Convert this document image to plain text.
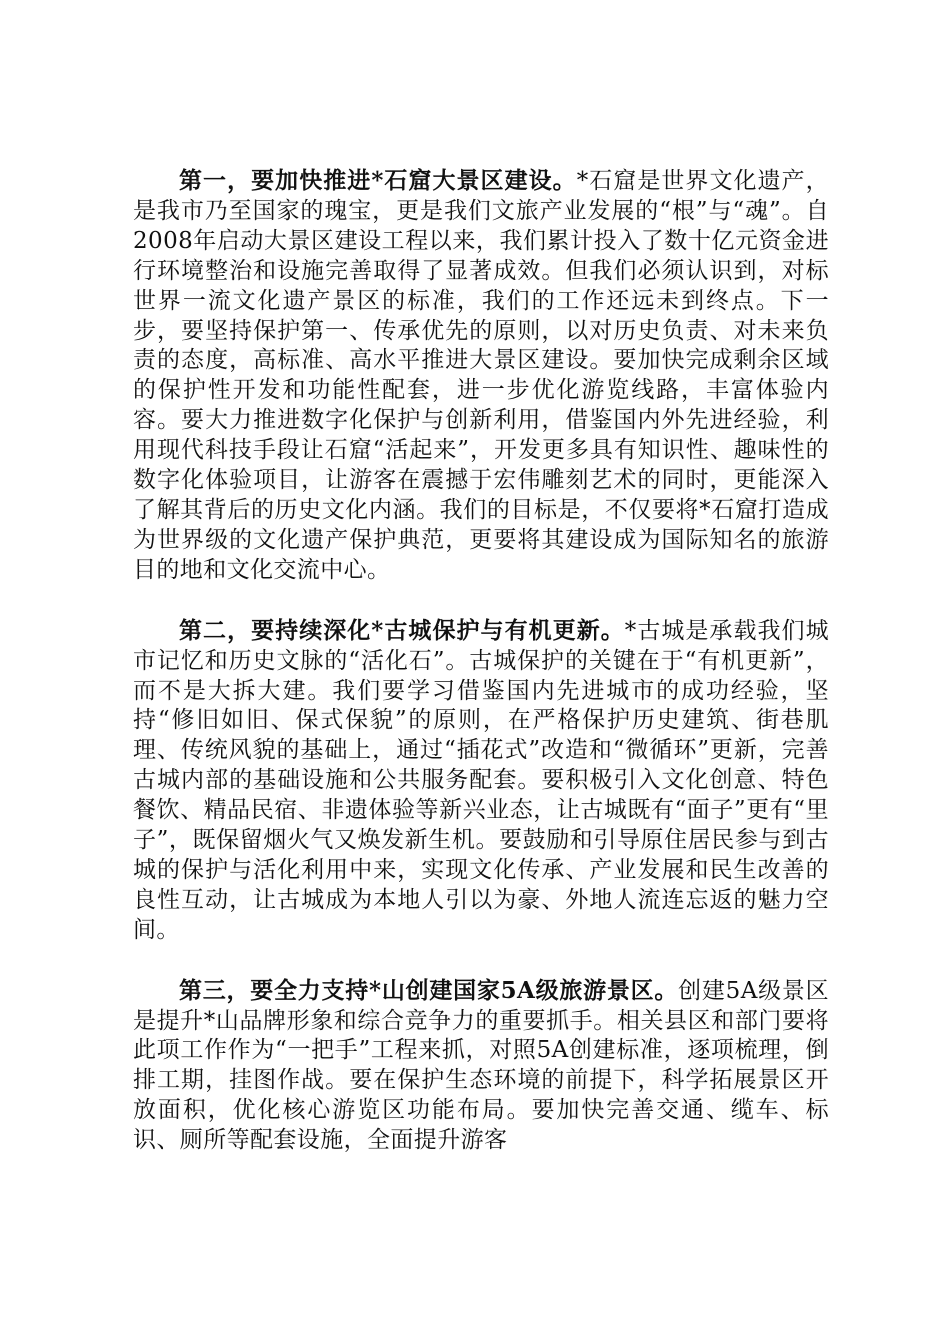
第一，要加快推进*石窟大景区建设。*石窟是世界文化遗产，是我市乃至国家的瑰宝，更是我们文旅产业发展的“根”与“魂”。自2008年启动大景区建设工程以来，我们累计投入了数十亿元资金进行环境整治和设施完善取得了显著成效。但我们必须认识到，对标世界一流文化遗产景区的标准，我们的工作还远未到终点。下一步，要坚持保护第一、传承优先的原则，以对历史负责、对未来负责的态度，高标准、高水平推进大景区建设。要加快完成剩余区域的保护性开发和功能性配套，进一步优化游览线路，丰富体验内容。要大力推进数字化保护与创新利用，借鉴国内外先进经验，利用现代科技手段让石窟“活起来”，开发更多具有知识性、趣味性的数字化体验项目，让游客在震撼于宏伟雕刻艺术的同时，更能深入了解其背后的历史文化内涵。我们的目标是，不仅要将*石窟打造成为世界级的文化遗产保护典范，更要将其建设成为国际知名的旅游目的地和文化交流中心。

第二，要持续深化*古城保护与有机更新。*古城是承载我们城市记忆和历史文脉的“活化石”。古城保护的关键在于“有机更新”，而不是大拆大建。我们要学习借鉴国内先进城市的成功经验，坚持“修旧如旧、保式保貌”的原则，在严格保护历史建筑、街巷肌理、传统风貌的基础上，通过“插花式”改造和“微循环”更新，完善古城内部的基础设施和公共服务配套。要积极引入文化创意、特色餐饮、精品民宿、非遗体验等新兴业态，让古城既有“面子”更有“里子”，既保留烟火气又焕发新生机。要鼓励和引导原住居民参与到古城的保护与活化利用中来，实现文化传承、产业发展和民生改善的良性互动，让古城成为本地人引以为豪、外地人流连忘返的魅力空间。

第三，要全力支持*山创建国家5A级旅游景区。创建5A级景区是提升*山品牌形象和综合竞争力的重要抓手。相关县区和部门要将此项工作作为“一把手”工程来抓，对照5A创建标准，逐项梳理，倒排工期，挂图作战。要在保护生态环境的前提下，科学拓展景区开放面积，优化核心游览区功能布局。要加快完善交通、缆车、标识、厕所等配套设施，全面提升游客
